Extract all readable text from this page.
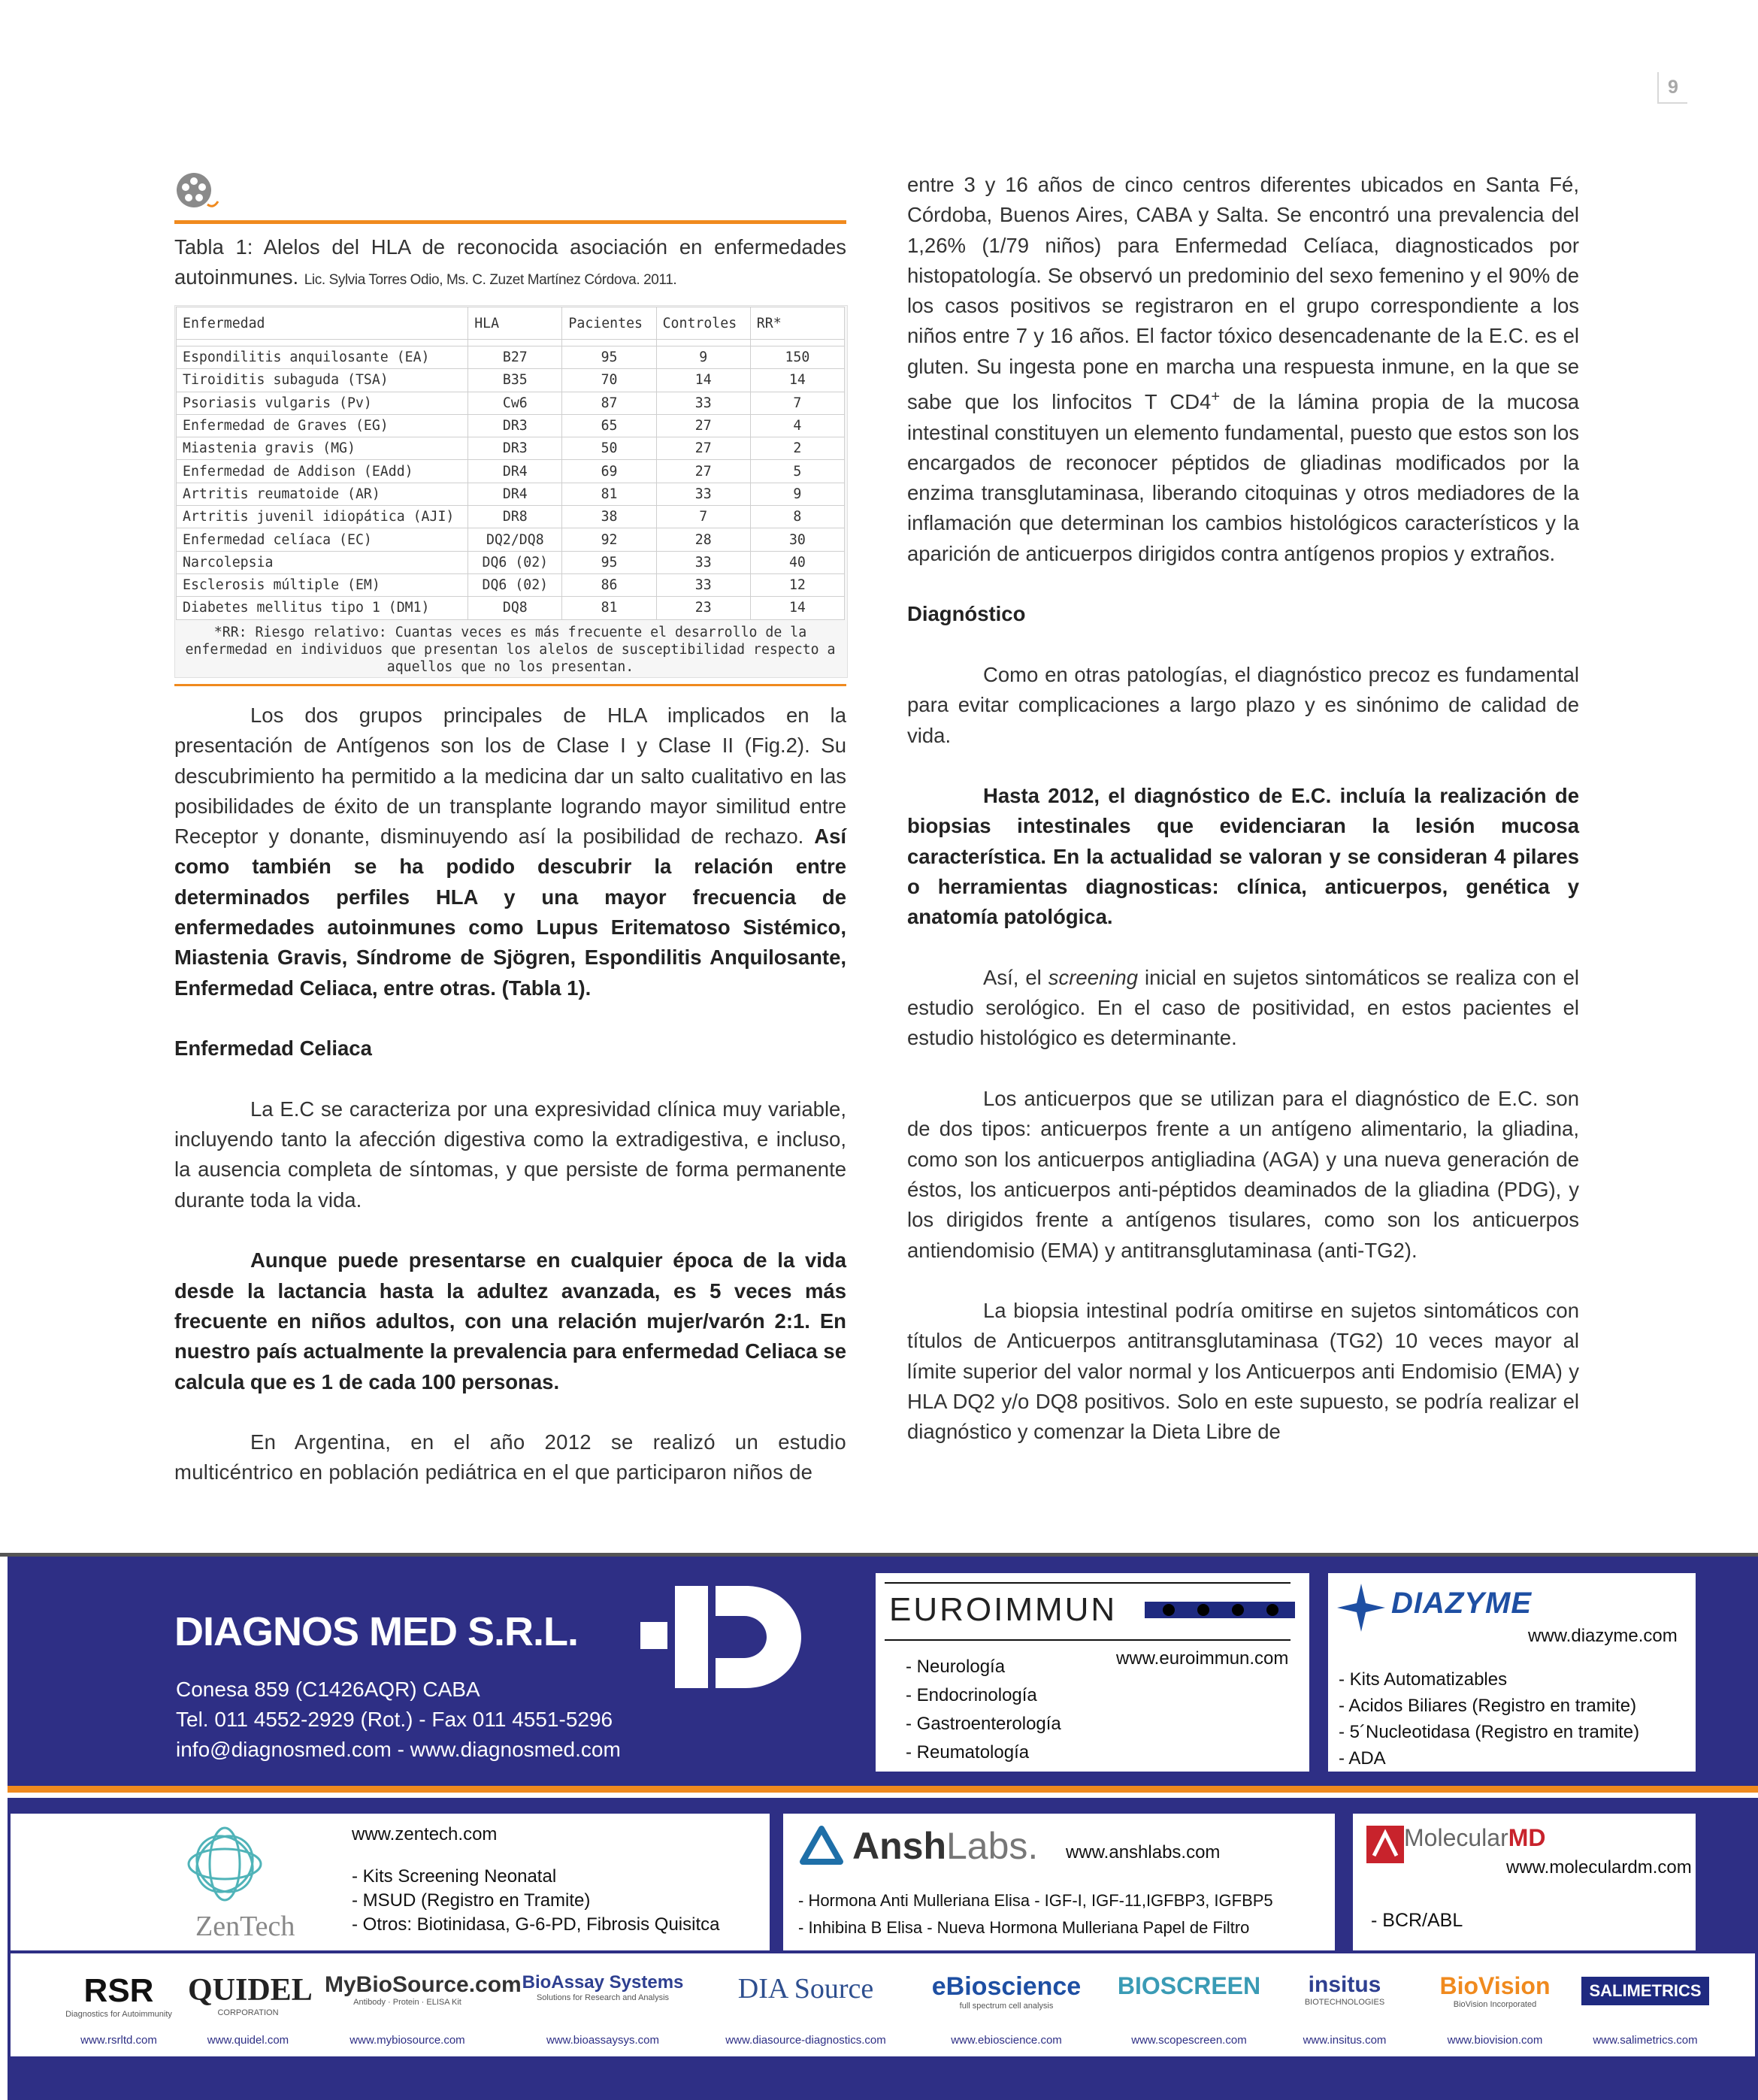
9
Tabla 1: Alelos del HLA de reconocida asociación en enfermedades autoinmunes. Lic. Sylvia Torres Odio, Ms. C. Zuzet Martínez Córdova. 2011.
Enfermedad	HLA	Pacientes	Controles	RR*

Espondilitis anquilosante (EA)	B27	95	9	150
Tiroiditis subaguda (TSA)	B35	70	14	14
Psoriasis vulgaris (Pv)	Cw6	87	33	7
Enfermedad de Graves (EG)	DR3	65	27	4
Miastenia gravis (MG)	DR3	50	27	2
Enfermedad de Addison (EAdd)	DR4	69	27	5
Artritis reumatoide (AR)	DR4	81	33	9
Artritis juvenil idiopática (AJI)	DR8	38	7	8
Enfermedad celíaca (EC)	DQ2/DQ8	92	28	30
Narcolepsia	DQ6 (02)	95	33	40
Esclerosis múltiple (EM)	DQ6 (02)	86	33	12
Diabetes mellitus tipo 1 (DM1)	DQ8	81	23	14
*RR: Riesgo relativo: Cuantas veces es más frecuente el desarrollo de la enfermedad en individuos que presentan los alelos de susceptibilidad respecto a aquellos que no los presentan.

Los dos grupos principales de HLA implicados en la presentación de Antígenos son los de Clase I y Clase II (Fig.2). Su descubrimiento ha permitido a la medicina dar un salto cualitativo en las posibilidades de éxito de un transplante logrando mayor similitud entre Receptor y donante, disminuyendo así la posibilidad de rechazo. Así como también se ha podido descubrir la relación entre determinados perfiles HLA y una mayor frecuencia de enfermedades autoinmunes como Lupus Eritematoso Sistémico, Miastenia Gravis, Síndrome de Sjögren, Espondilitis Anquilosante, Enfermedad Celiaca, entre otras. (Tabla 1).

Enfermedad Celiaca

La E.C se caracteriza por una expresividad clínica muy variable, incluyendo tanto la afección digestiva como la extradigestiva, e incluso, la ausencia completa de síntomas, y que persiste de forma permanente durante toda la vida.

Aunque puede presentarse en cualquier época de la vida desde la lactancia hasta la adultez avanzada, es 5 veces más frecuente en niños adultos, con una relación mujer/varón 2:1. En nuestro país actualmente la prevalencia para enfermedad Celiaca se calcula que es 1 de cada 100 personas.

En Argentina, en el año 2012 se realizó un estudio multicéntrico en población pediátrica en el que participaron niños de

entre 3 y 16 años de cinco centros diferentes ubicados en Santa Fé, Córdoba, Buenos Aires, CABA y Salta. Se encontró una prevalencia del 1,26% (1/79 niños) para Enfermedad Celíaca, diagnosticados por histopatología. Se observó un predominio del sexo femenino y el 90% de los casos positivos se registraron en el grupo correspondiente a los niños entre 7 y 16 años. El factor tóxico desencadenante de la E.C. es el gluten. Su ingesta pone en marcha una respuesta inmune, en la que se sabe que los linfocitos T CD4+ de la lámina propia de la mucosa intestinal constituyen un elemento fundamental, puesto que estos son los encargados de reconocer péptidos de gliadinas modificados por la enzima transglutaminasa, liberando citoquinas y otros mediadores de la inflamación que determinan los cambios histológicos característicos y la aparición de anticuerpos dirigidos contra antígenos propios y extraños.

Diagnóstico

Como en otras patologías, el diagnóstico precoz es fundamental para evitar complicaciones a largo plazo y es sinónimo de calidad de vida.

Hasta 2012, el diagnóstico de E.C. incluía la realización de biopsias intestinales que evidenciaran la lesión mucosa característica. En la actualidad se valoran y se consideran 4 pilares o herramientas diagnosticas: clínica, anticuerpos, genética y anatomía patológica.

Así, el screening inicial en sujetos sintomáticos se realiza con el estudio serológico. En el caso de positividad, en estos pacientes el estudio histológico es determinante.

Los anticuerpos que se utilizan para el diagnóstico de E.C. son de dos tipos: anticuerpos frente a un antígeno alimentario, la gliadina, como son los anticuerpos antigliadina (AGA) y una nueva generación de éstos, los anticuerpos anti-péptidos deaminados de la gliadina (PDG), y los dirigidos frente a antígenos tisulares, como son los anticuerpos antiendomisio (EMA) y antitransglutaminasa (anti-TG2).

La biopsia intestinal podría omitirse en sujetos sintomáticos con títulos de Anticuerpos antitransglutaminasa (TG2) 10 veces mayor al límite superior del valor normal y los Anticuerpos anti Endomisio (EMA) y HLA DQ2 y/o DQ8 positivos. Solo en este supuesto, se podría realizar el diagnóstico y comenzar la Dieta Libre de

DIAGNOS MED S.R.L.
Conesa 859 (C1426AQR) CABA
Tel. 011 4552-2929 (Rot.) - Fax 011 4551-5296
info@diagnosmed.com - www.diagnosmed.com
EUROIMMUN
www.euroimmun.com
- Neurología
- Endocrinología
- Gastroenterología
- Reumatología
DIAZYME
www.diazyme.com
- Kits Automatizables
- Acidos Biliares (Registro en tramite)
- 5´Nucleotidasa (Registro en tramite)
- ADA
ZenTech
www.zentech.com
- Kits Screening Neonatal
- MSUD (Registro en Tramite)
- Otros: Biotinidasa, G-6-PD, Fibrosis Quisitca
AnshLabs. www.anshlabs.com
- Hormona Anti Mulleriana Elisa - IGF-I, IGF-11,IGFBP3, IGFBP5
- Inhibina B Elisa - Nueva Hormona Mulleriana Papel de Filtro
MolecularMD
www.moleculardm.com
- BCR/ABL
RSR
Diagnostics for Autoimmunity
www.rsrltd.com
QUIDEL
CORPORATION
www.quidel.com
MyBioSource.com
Antibody · Protein · ELISA Kit
www.mybiosource.com
BioAssay Systems
Solutions for Research and Analysis
www.bioassaysys.com
DIA Source
www.diasource-diagnostics.com
eBioscience
full spectrum cell analysis
www.ebioscience.com
BIOSCREEN
www.scopescreen.com
insitus
BIOTECHNOLOGIES
www.insitus.com
BioVision
BioVision Incorporated
www.biovision.com
SALIMETRICS
www.salimetrics.com
